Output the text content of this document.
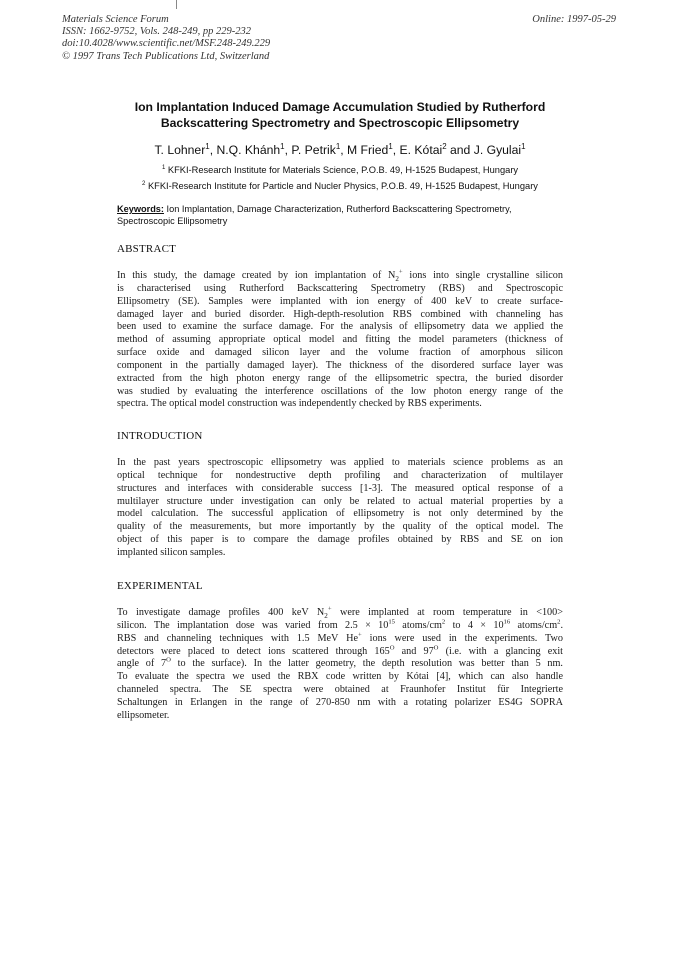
Materials Science Forum
ISSN: 1662-9752, Vols. 248-249, pp 229-232
doi:10.4028/www.scientific.net/MSF.248-249.229
© 1997 Trans Tech Publications Ltd, Switzerland
Online: 1997-05-29
Ion Implantation Induced Damage Accumulation Studied by Rutherford
Backscattering Spectrometry and Spectroscopic Ellipsometry
T. Lohner$^1$, N.Q. Khánh$^1$, P. Petrik$^1$, M Fried$^1$, E. Kótai$^2$ and J. Gyulai$^1$
$^1$ KFKI-Research Institute for Materials Science, P.O.B. 49, H-1525 Budapest, Hungary
$^2$ KFKI-Research Institute for Particle and Nucler Physics, P.O.B. 49, H-1525 Budapest, Hungary
Keywords: Ion Implantation, Damage Characterization, Rutherford Backscattering Spectrometry,
Spectroscopic Ellipsometry
ABSTRACT
In this study, the damage created by ion implantation of $N_2^+$ ions into single crystalline silicon
is characterised using Rutherford Backscattering Spectrometry (RBS) and Spectroscopic
Ellipsometry (SE). Samples were implanted with ion energy of 400 keV to create surface-
damaged layer and buried disorder. High-depth-resolution RBS combined with channeling has
been used to examine the surface damage. For the analysis of ellipsometry data we applied the
method of assuming appropriate optical model and fitting the model parameters (thickness of
surface oxide and damaged silicon layer and the volume fraction of amorphous silicon
component in the partially damaged layer). The thickness of the disordered surface layer was
extracted from the high photon energy range of the ellipsometric spectra, the buried disorder
was studied by evaluating the interference oscillations of the low photon energy range of the
spectra. The optical model construction was independently checked by RBS experiments.
INTRODUCTION
In the past years spectroscopic ellipsometry was applied to materials science problems as an
optical technique for nondestructive depth profiling and characterization of multilayer
structures and interfaces with considerable success [1-3]. The measured optical response of a
multilayer structure under investigation can only be related to actual material properties by a
model calculation. The successful application of ellipsometry is not only determined by the
quality of the measurements, but more importantly by the quality of the optical model. The
object of this paper is to compare the damage profiles obtained by RBS and SE on ion
implanted silicon samples.
EXPERIMENTAL
To investigate damage profiles 400 keV $N_2^+$ were implanted at room temperature in <100>
silicon. The implantation dose was varied from $2.5 \times 10^{15}$ atoms/$cm^2$ to $4 \times 10^{16}$ atoms/$cm^2$.
RBS and channeling techniques with 1.5 MeV He+ ions were used in the experiments. Two
detectors were placed to detect ions scattered through $165^O$ and $97^O$ (i.e. with a glancing exit
angle of $7^O$ to the surface). In the latter geometry, the depth resolution was better than 5 nm.
To evaluate the spectra we used the RBX code written by Kótai [4], which can also handle
channeled spectra. The SE spectra were obtained at Fraunhofer Institut für Integrierte
Schaltungen in Erlangen in the range of 270-850 nm with a rotating polarizer ES4G SOPRA
ellipsometer.
